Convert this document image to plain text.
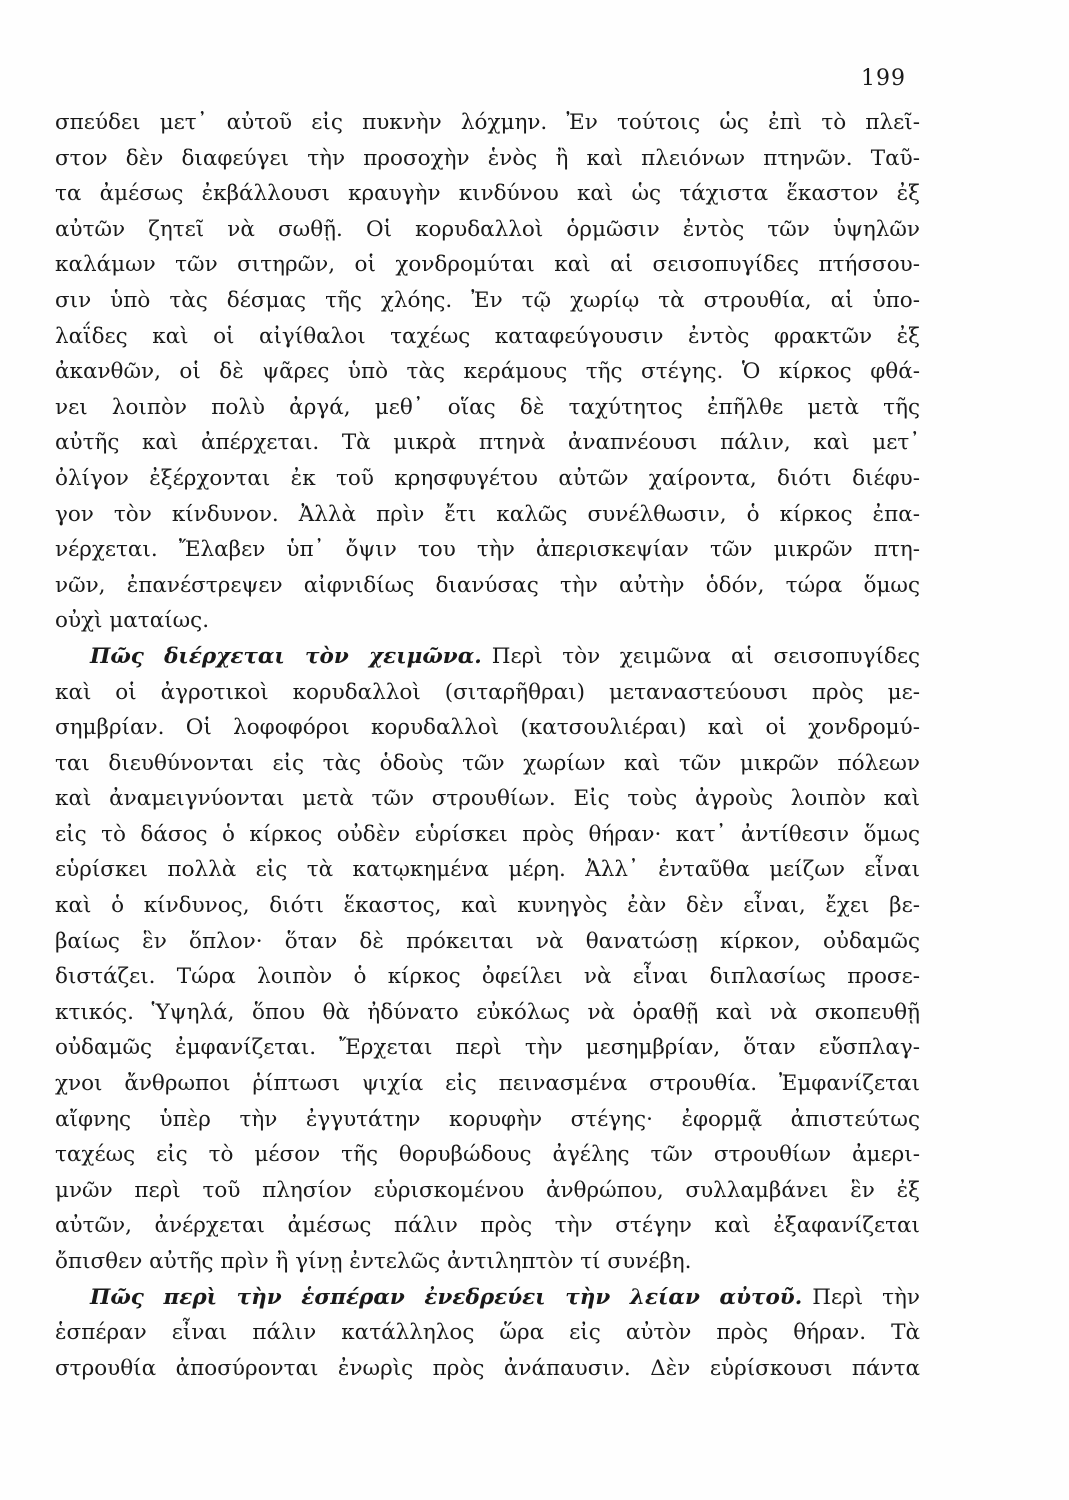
199
σπεύδει μετ᾿ αὐτοῦ εἰς πυκνὴν λόχμην. Ἐν τούτοις ὡς ἐπὶ τὸ πλεῖ-
στον δὲν διαφεύγει τὴν προσοχὴν ἑνὸς ἢ καὶ πλειόνων πτηνῶν. Ταῦ-
τα ἀμέσως ἐκβάλλουσι κραυγὴν κινδύνου καὶ ὡς τάχιστα ἕκαστον ἐξ
αὐτῶν ζητεῖ νὰ σωθῇ. Οἱ κορυδαλλοὶ ὁρμῶσιν ἐντὸς τῶν ὑψηλῶν
καλάμων τῶν σιτηρῶν, οἱ χονδρομύται καὶ αἱ σεισοπυγίδες πτήσσου-
σιν ὑπὸ τὰς δέσμας τῆς χλόης. Ἐν τῷ χωρίῳ τὰ στρουθία, αἱ ὑπο-
λαΐδες καὶ οἱ αἰγίθαλοι ταχέως καταφεύγουσιν ἐντὸς φρακτῶν ἐξ
ἀκανθῶν, οἱ δὲ ψᾶρες ὑπὸ τὰς κεράμους τῆς στέγης. Ὁ κίρκος φθά-
νει λοιπὸν πολὺ ἀργά, μεθ᾿ οἵας δὲ ταχύτητος ἐπῆλθε μετὰ τῆς
αὐτῆς καὶ ἀπέρχεται. Τὰ μικρὰ πτηνὰ ἀναπνέουσι πάλιν, καὶ μετ᾿
ὀλίγον ἐξέρχονται ἐκ τοῦ κρησφυγέτου αὐτῶν χαίροντα, διότι διέφυ-
γον τὸν κίνδυνον. Ἀλλὰ πρὶν ἔτι καλῶς συνέλθωσιν, ὁ κίρκος ἐπα-
νέρχεται. Ἔλαβεν ὑπ᾿ ὄψιν του τὴν ἀπερισκεψίαν τῶν μικρῶν πτη-
νῶν, ἐπανέστρεψεν αἰφνιδίως διανύσας τὴν αὐτὴν ὁδόν, τώρα ὅμως
οὐχὶ ματαίως.
Πῶς διέρχεται τὸν χειμῶνα. Περὶ τὸν χειμῶνα αἱ σεισοπυγίδες
καὶ οἱ ἀγροτικοὶ κορυδαλλοὶ (σιταρῆθραι) μεταναστεύουσι πρὸς με-
σημβρίαν. Οἱ λοφοφόροι κορυδαλλοὶ (κατσουλιέραι) καὶ οἱ χονδρομύ-
ται διευθύνονται εἰς τὰς ὁδοὺς τῶν χωρίων καὶ τῶν μικρῶν πόλεων
καὶ ἀναμειγνύονται μετὰ τῶν στρουθίων. Εἰς τοὺς ἀγροὺς λοιπὸν καὶ
εἰς τὸ δάσος ὁ κίρκος οὐδὲν εὑρίσκει πρὸς θήραν· κατ᾿ ἀντίθεσιν ὅμως
εὑρίσκει πολλὰ εἰς τὰ κατῳκημένα μέρη. Ἀλλ᾿ ἐνταῦθα μείζων εἶναι
καὶ ὁ κίνδυνος, διότι ἕκαστος, καὶ κυνηγὸς ἐὰν δὲν εἶναι, ἔχει βε-
βαίως ἓν ὅπλον· ὅταν δὲ πρόκειται νὰ θανατώσῃ κίρκον, οὐδαμῶς
διστάζει. Τώρα λοιπὸν ὁ κίρκος ὀφείλει νὰ εἶναι διπλασίως προσε-
κτικός. Ὑψηλά, ὅπου θὰ ἠδύνατο εὐκόλως νὰ ὁραθῇ καὶ νὰ σκοπευθῇ
οὐδαμῶς ἐμφανίζεται. Ἔρχεται περὶ τὴν μεσημβρίαν, ὅταν εὔσπλαγ-
χνοι ἄνθρωποι ῥίπτωσι ψιχία εἰς πεινασμένα στρουθία. Ἐμφανίζεται
αἴφνης ὑπὲρ τὴν ἐγγυτάτην κορυφὴν στέγης· ἐφορμᾷ ἀπιστεύτως
ταχέως εἰς τὸ μέσον τῆς θορυβώδους ἀγέλης τῶν στρουθίων ἀμερι-
μνῶν περὶ τοῦ πλησίον εὑρισκομένου ἀνθρώπου, συλλαμβάνει ἓν ἐξ
αὐτῶν, ἀνέρχεται ἀμέσως πάλιν πρὸς τὴν στέγην καὶ ἐξαφανίζεται
ὄπισθεν αὐτῆς πρὶν ἢ γίνῃ ἐντελῶς ἀντιληπτὸν τί συνέβη.
Πῶς περὶ τὴν ἑσπέραν ἐνεδρεύει τὴν λείαν αὐτοῦ. Περὶ τὴν
ἑσπέραν εἶναι πάλιν κατάλληλος ὥρα εἰς αὐτὸν πρὸς θήραν. Τὰ
στρουθία ἀποσύρονται ἐνωρὶς πρὸς ἀνάπαυσιν. Δὲν εὑρίσκουσι πάντα
